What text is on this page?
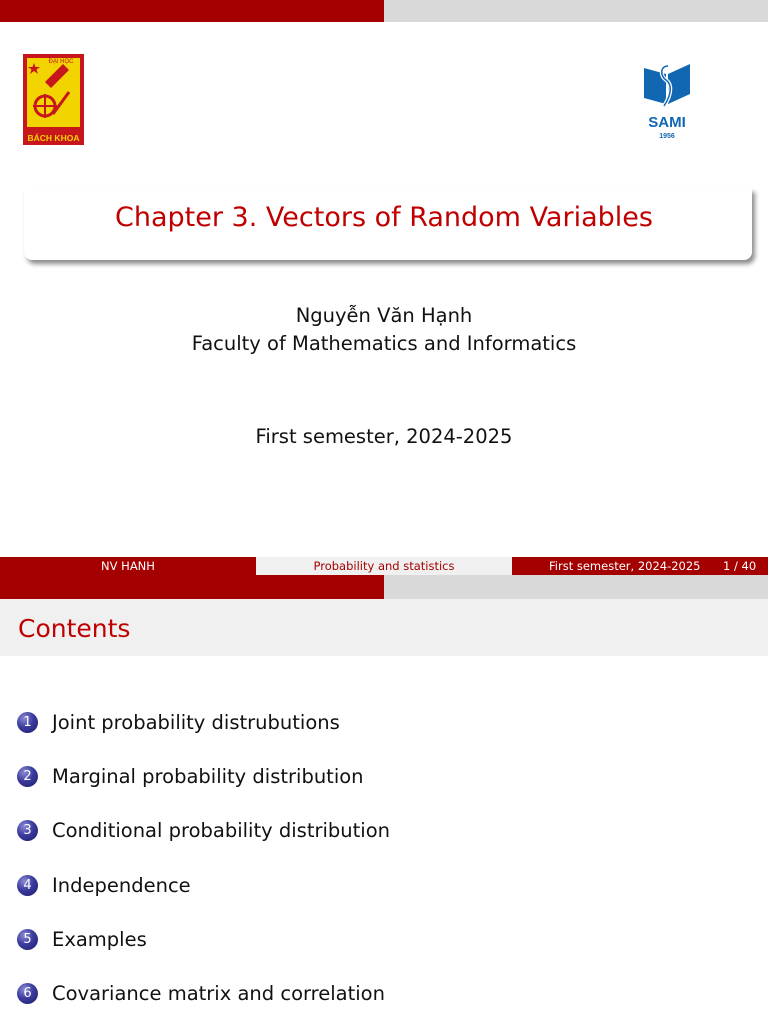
ĐẠI HỌC
BÁCH KHOA
SAMI
1956
Chapter 3. Vectors of Random Variables
Nguyễn Văn Hạnh
Faculty of Mathematics and Informatics
First semester, 2024-2025
NV HANH	Probability and statistics	First semester, 2024-2025 1 / 40
Contents
1	Joint probability distrubutions
2	Marginal probability distribution
3	Conditional probability distribution
4	Independence
5	Examples
6	Covariance matrix and correlation
